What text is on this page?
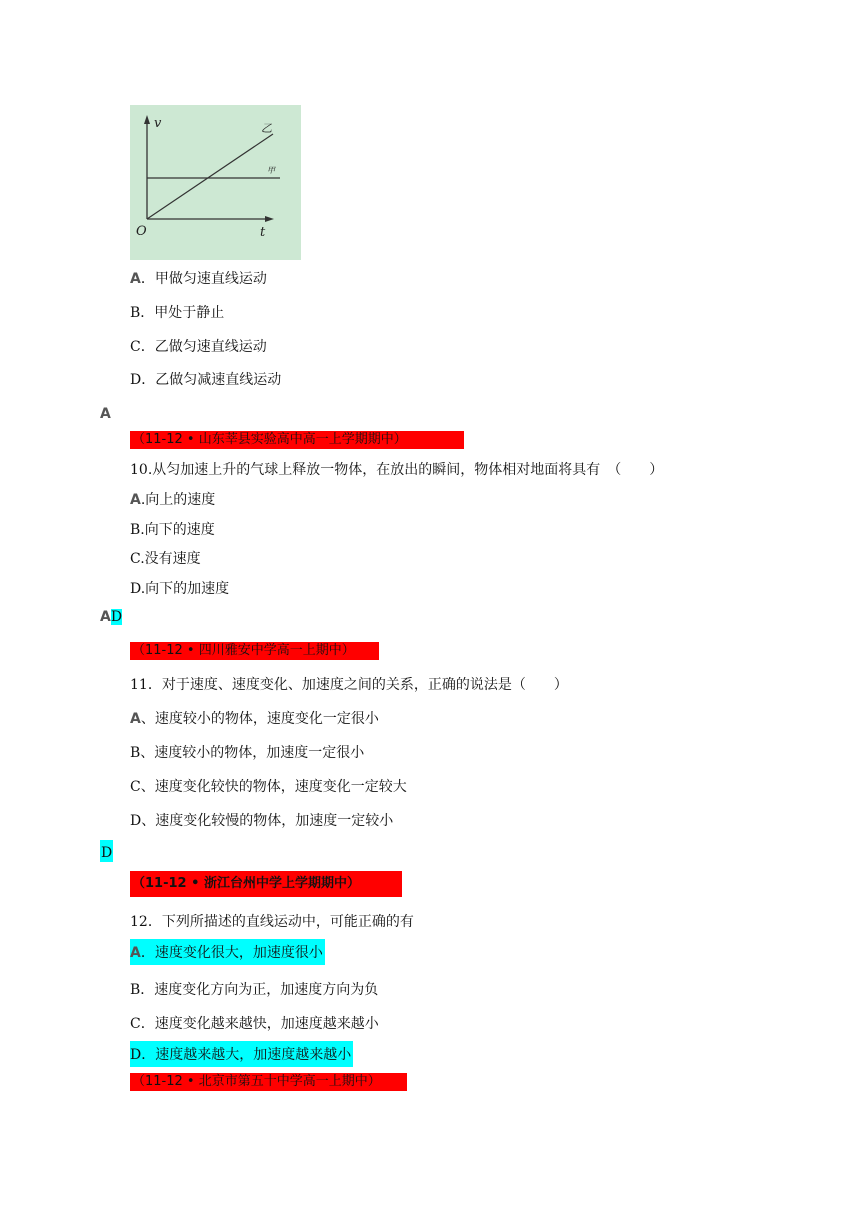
v
t
O
甲
乙
A．甲做匀速直线运动
B．甲处于静止
C．乙做匀速直线运动
D．乙做匀减速直线运动
A
（11-12 • 山东莘县实验高中高一上学期期中）
10.从匀加速上升的气球上释放一物体，在放出的瞬间，物体相对地面将具有　（　　）
A.向上的速度
B.向下的速度
C.没有速度
D.向下的加速度
AD
（11-12 • 四川雅安中学高一上期中）
11．对于速度、速度变化、加速度之间的关系，正确的说法是（　　）
A、速度较小的物体，速度变化一定很小
B、速度较小的物体，加速度一定很小
C、速度变化较快的物体，速度变化一定较大
D、速度变化较慢的物体，加速度一定较小
D
（11-12 • 浙江台州中学上学期期中）
12．下列所描述的直线运动中，可能正确的有
A．速度变化很大，加速度很小
B．速度变化方向为正，加速度方向为负
C．速度变化越来越快，加速度越来越小
D．速度越来越大，加速度越来越小
（11-12 • 北京市第五十中学高一上期中）
